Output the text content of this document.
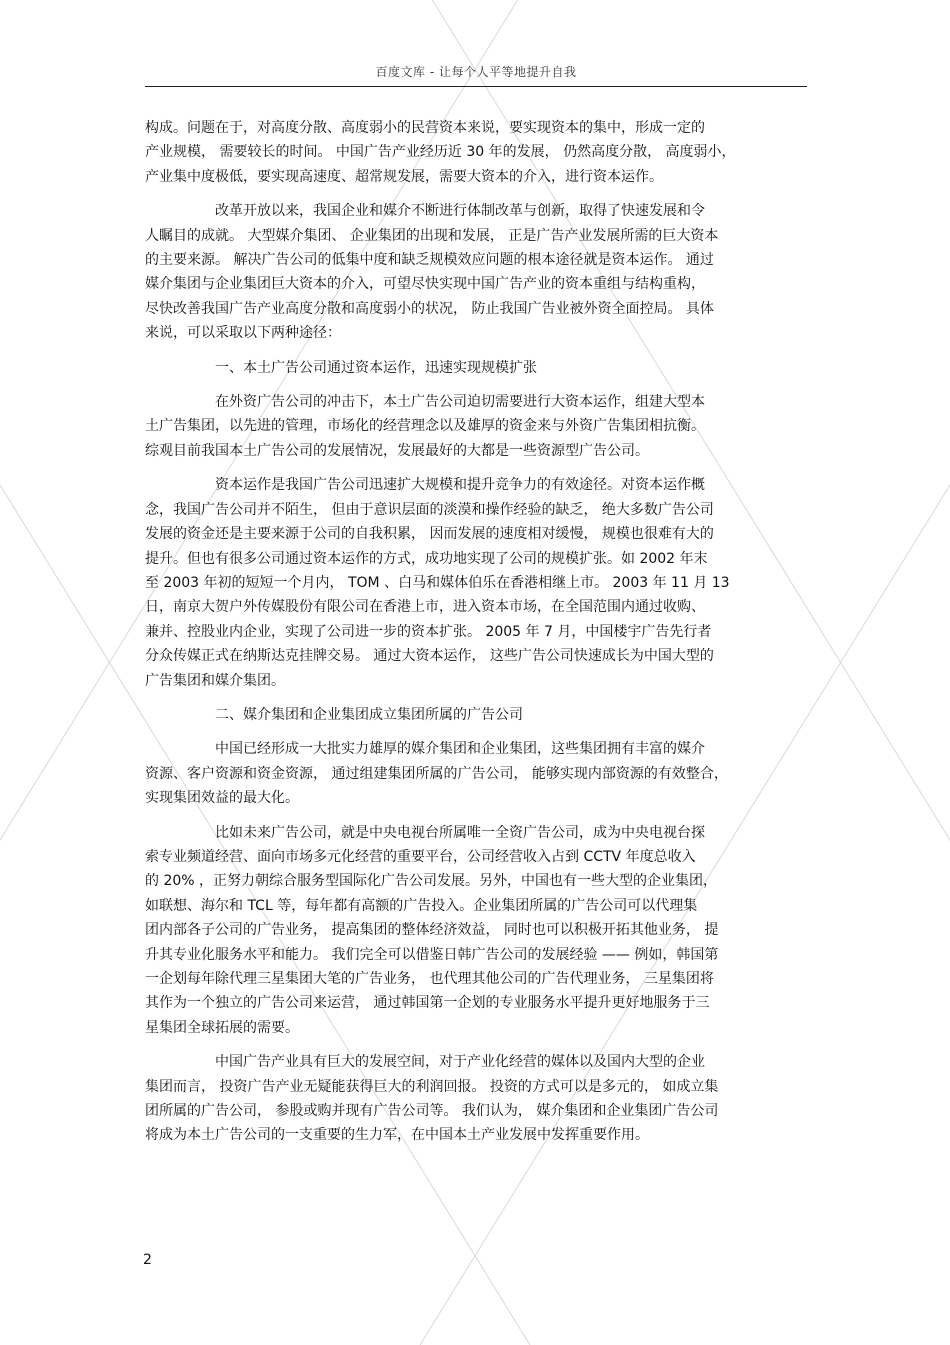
百度文库 - 让每个人平等地提升自我
构成。问题在于，对高度分散、高度弱小的民营资本来说，要实现资本的集中，形成一定的
产业规模， 需要较长的时间。 中国广告产业经历近 30 年的发展， 仍然高度分散， 高度弱小，
产业集中度极低，要实现高速度、超常规发展，需要大资本的介入，进行资本运作。
改革开放以来，我国企业和媒介不断进行体制改革与创新，取得了快速发展和令
人瞩目的成就。 大型媒介集团、 企业集团的出现和发展， 正是广告产业发展所需的巨大资本
的主要来源。 解决广告公司的低集中度和缺乏规模效应问题的根本途径就是资本运作。 通过
媒介集团与企业集团巨大资本的介入，可望尽快实现中国广告产业的资本重组与结构重构，
尽快改善我国广告产业高度分散和高度弱小的状况， 防止我国广告业被外资全面控局。 具体
来说，可以采取以下两种途径：
一、本土广告公司通过资本运作，迅速实现规模扩张
在外资广告公司的冲击下，本土广告公司迫切需要进行大资本运作，组建大型本
土广告集团，以先进的管理，市场化的经营理念以及雄厚的资金来与外资广告集团相抗衡。
综观目前我国本土广告公司的发展情况，发展最好的大都是一些资源型广告公司。
资本运作是我国广告公司迅速扩大规模和提升竞争力的有效途径。对资本运作概
念，我国广告公司并不陌生， 但由于意识层面的淡漠和操作经验的缺乏， 绝大多数广告公司
发展的资金还是主要来源于公司的自我积累， 因而发展的速度相对缓慢， 规模也很难有大的
提升。但也有很多公司通过资本运作的方式，成功地实现了公司的规模扩张。如 2002 年末
至 2003 年初的短短一个月内， TOM 、白马和媒体伯乐在香港相继上市。 2003 年 11 月 13
日，南京大贺户外传媒股份有限公司在香港上市，进入资本市场，在全国范围内通过收购、
兼并、控股业内企业，实现了公司进一步的资本扩张。 2005 年 7 月，中国楼宇广告先行者
分众传媒正式在纳斯达克挂牌交易。 通过大资本运作， 这些广告公司快速成长为中国大型的
广告集团和媒介集团。
二、媒介集团和企业集团成立集团所属的广告公司
中国已经形成一大批实力雄厚的媒介集团和企业集团，这些集团拥有丰富的媒介
资源、客户资源和资金资源， 通过组建集团所属的广告公司， 能够实现内部资源的有效整合，
实现集团效益的最大化。
比如未来广告公司，就是中央电视台所属唯一全资广告公司，成为中央电视台探
索专业频道经营、面向市场多元化经营的重要平台，公司经营收入占到 CCTV 年度总收入
的 20% ，正努力朝综合服务型国际化广告公司发展。另外，中国也有一些大型的企业集团，
如联想、海尔和 TCL 等，每年都有高额的广告投入。企业集团所属的广告公司可以代理集
团内部各子公司的广告业务， 提高集团的整体经济效益， 同时也可以积极开拓其他业务， 提
升其专业化服务水平和能力。 我们完全可以借鉴日韩广告公司的发展经验 —— 例如，韩国第
一企划每年除代理三星集团大笔的广告业务， 也代理其他公司的广告代理业务， 三星集团将
其作为一个独立的广告公司来运营， 通过韩国第一企划的专业服务水平提升更好地服务于三
星集团全球拓展的需要。
中国广告产业具有巨大的发展空间，对于产业化经营的媒体以及国内大型的企业
集团而言， 投资广告产业无疑能获得巨大的利润回报。 投资的方式可以是多元的， 如成立集
团所属的广告公司， 参股或购并现有广告公司等。 我们认为， 媒介集团和企业集团广告公司
将成为本土广告公司的一支重要的生力军，在中国本土产业发展中发挥重要作用。
2
